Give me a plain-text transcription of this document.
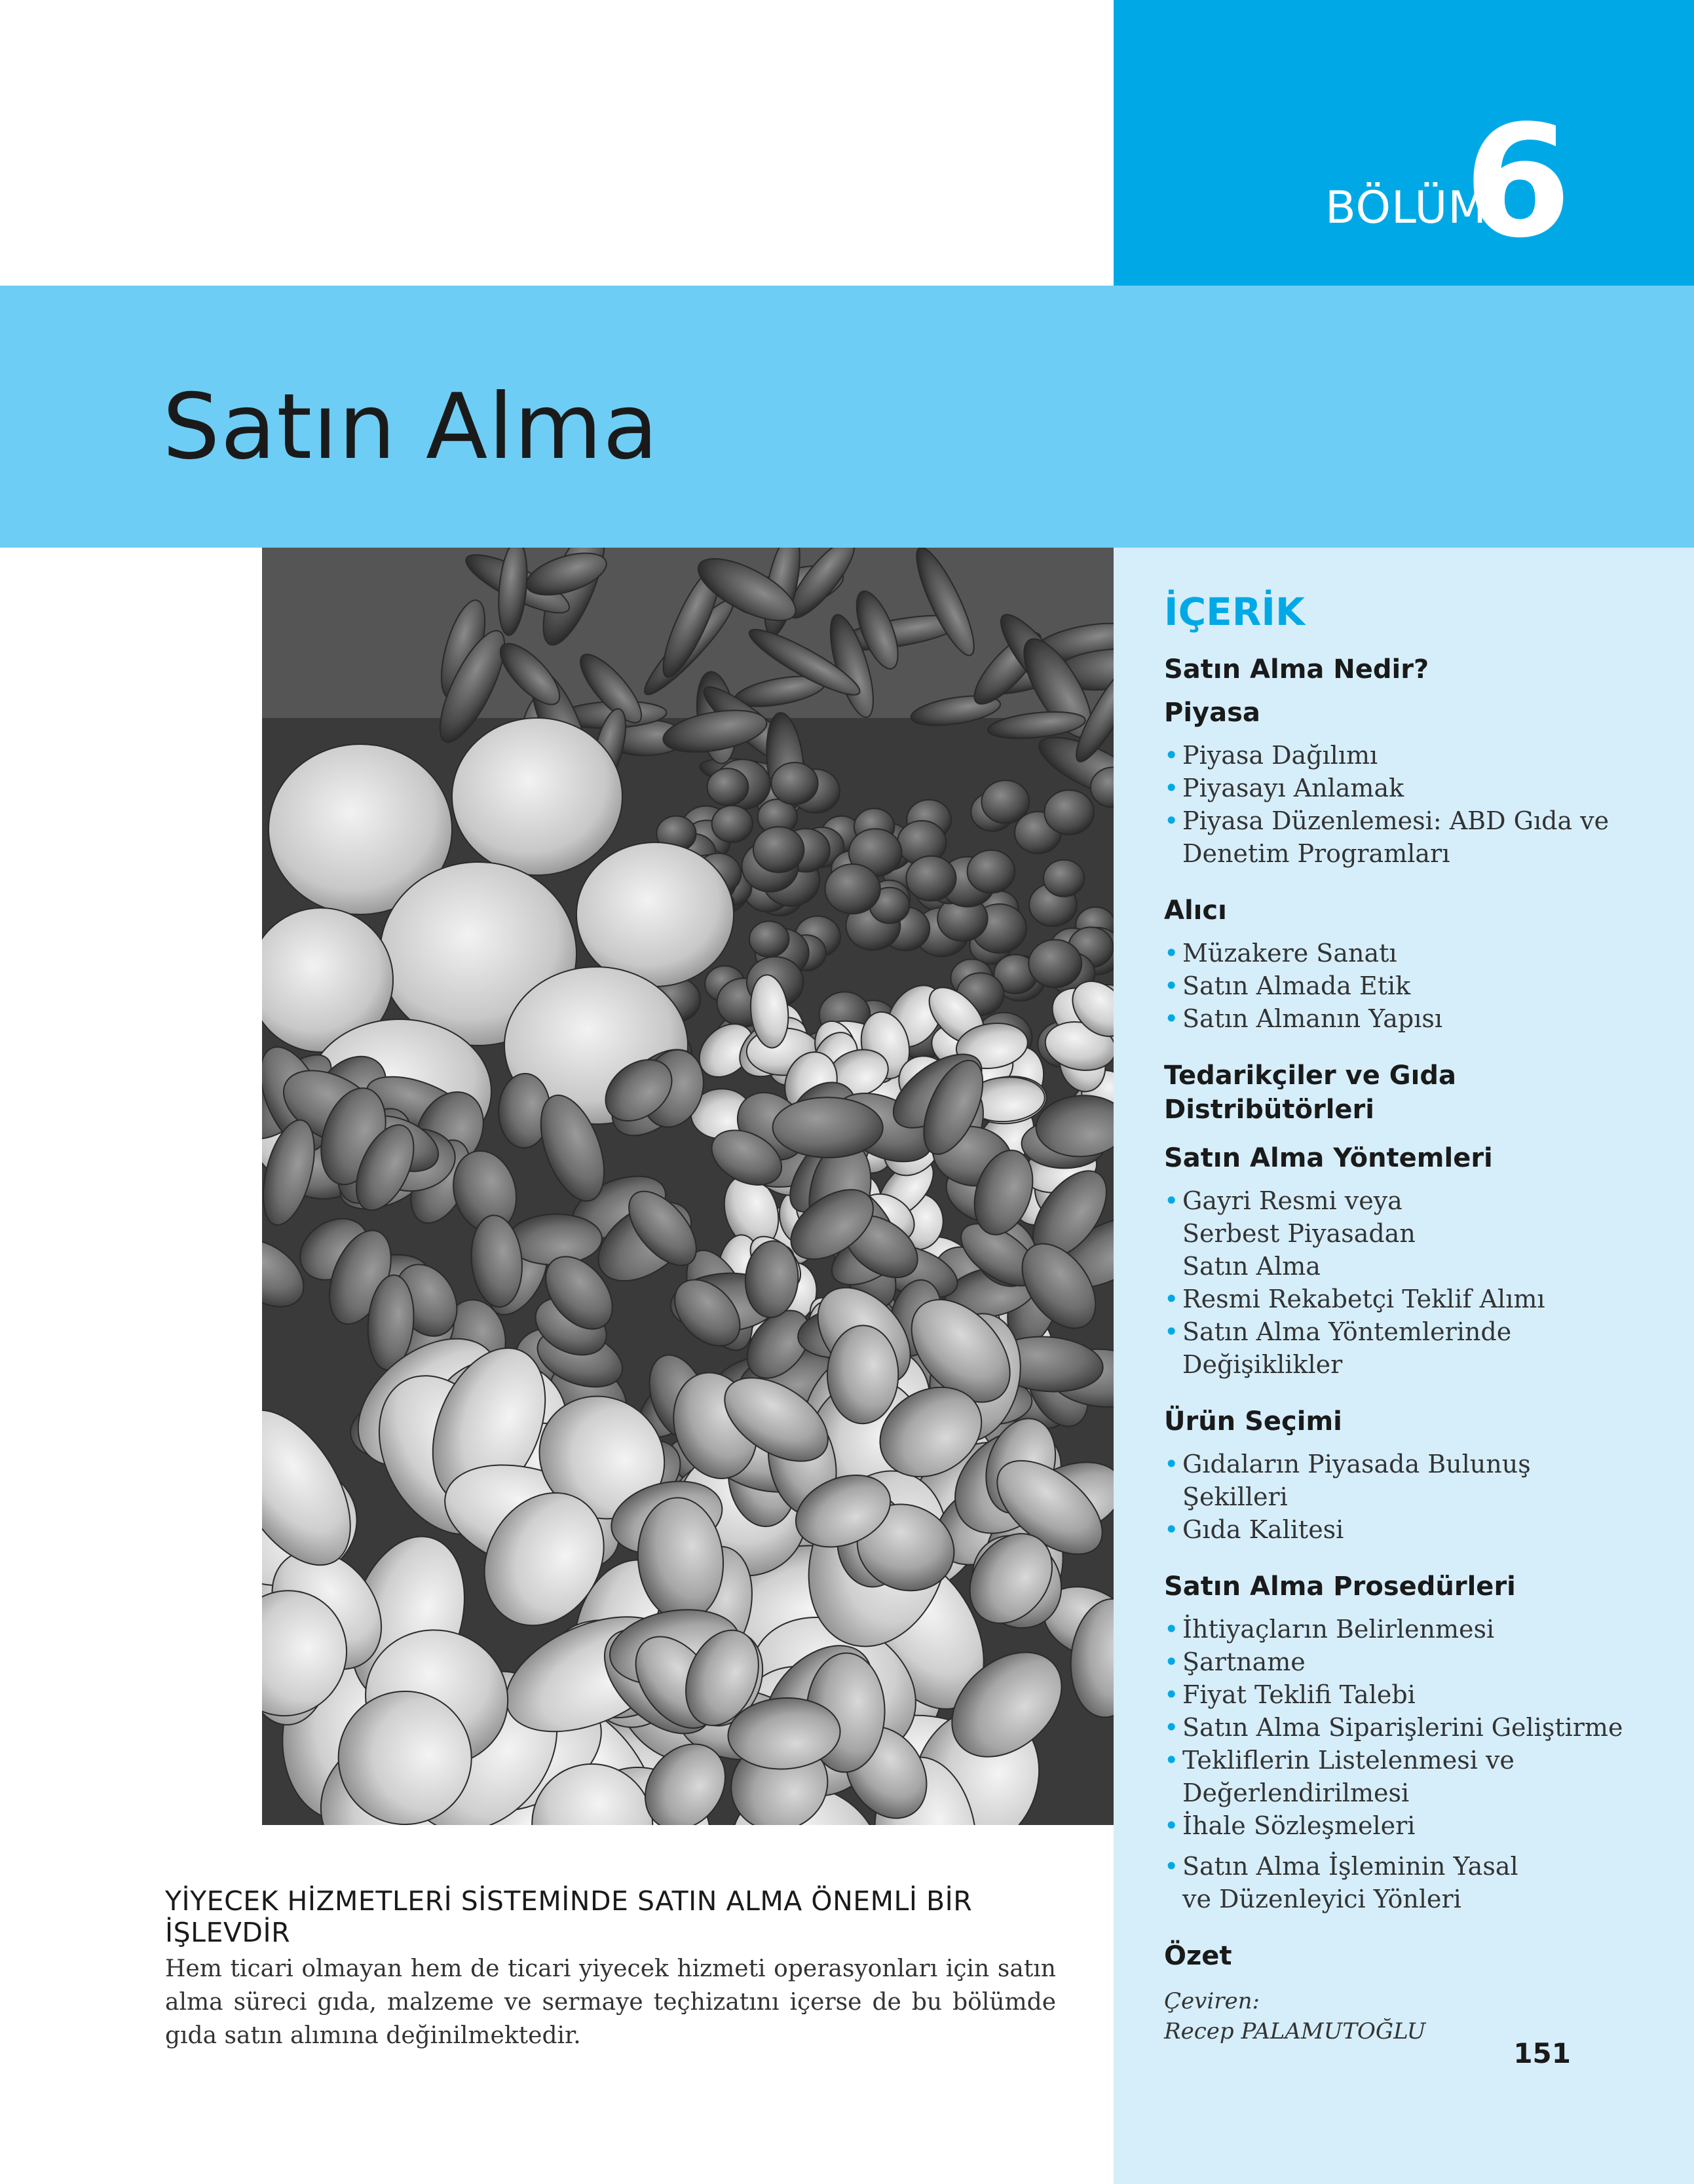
BÖLÜM
6
Satın Alma
İÇERİK
Satın Alma Nedir?
Piyasa
• Piyasa Dağılımı
• Piyasayı Anlamak
• Piyasa Düzenlemesi: ABD Gıda ve Denetim Programları
Alıcı
• Müzakere Sanatı
• Satın Almada Etik
• Satın Almanın Yapısı
Tedarikçiler ve Gıda Distribütörleri
Satın Alma Yöntemleri
• Gayri Resmi veya Serbest Piyasadan Satın Alma
• Resmi Rekabetçi Teklif Alımı
• Satın Alma Yöntemlerinde Değişiklikler
Ürün Seçimi
• Gıdaların Piyasada Bulunuş Şekilleri
• Gıda Kalitesi
Satın Alma Prosedürleri
• İhtiyaçların Belirlenmesi
• Şartname
• Fiyat Teklifi Talebi
• Satın Alma Siparişlerini Geliştirme
• Tekliflerin Listelenmesi ve Değerlendirilmesi
• İhale Sözleşmeleri
• Satın Alma İşleminin Yasal ve Düzenleyici Yönleri
Özet
Çeviren:
Recep PALAMUTOĞLU
151
YİYECEK HİZMETLERİ SİSTEMİNDE SATIN ALMA ÖNEMLİ BİR İŞLEVDİR
Hem ticari olmayan hem de ticari yiyecek hizmeti operasyonları için satın alma süreci gıda, malzeme ve sermaye teçhizatını içerse de bu bölümde gıda satın alımına değinilmektedir.
